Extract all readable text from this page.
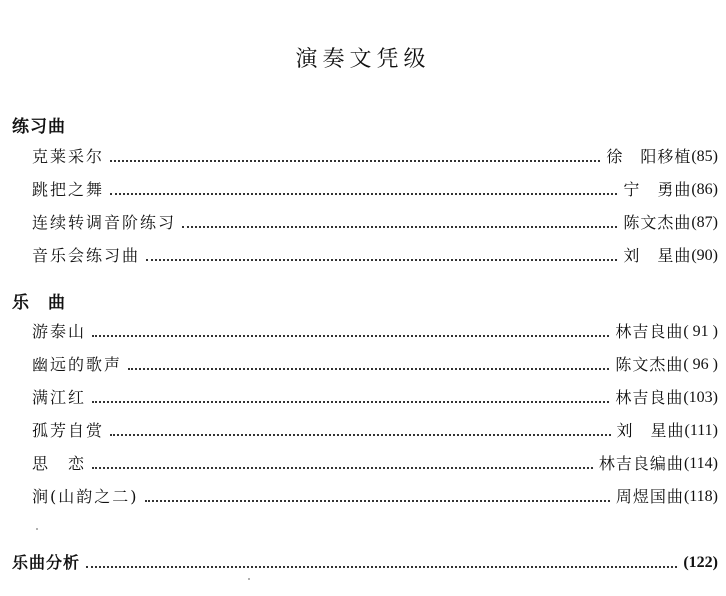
演奏文凭级
练习曲
克莱采尔	徐　阳移植 (85)
跳把之舞	宁　勇曲 (86)
连续转调音阶练习	陈文杰曲 (87)
音乐会练习曲	刘　星曲 (90)
乐　曲
游泰山	林吉良曲 ( 91 )
幽远的歌声	陈文杰曲 ( 96 )
满江红	林吉良曲 (103)
孤芳自赏	刘　星曲 (111)
思　恋	林吉良编曲 (114)
涧(山韵之二)	周煜国曲 (118)
乐曲分析	(122)
